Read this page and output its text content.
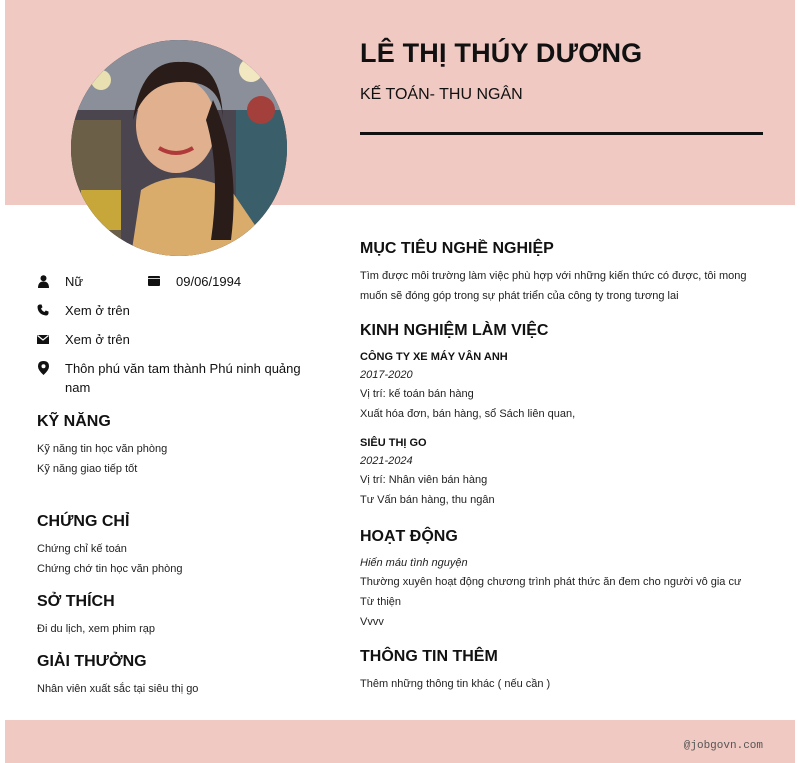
LÊ THỊ THÚY DƯƠNG
KẾ TOÁN- THU NGÂN
Nữ	09/06/1994
Xem ở trên
Xem ở trên
Thôn phú văn tam thành Phú ninh quảng nam
KỸ NĂNG
Kỹ năng tin học văn phòng
Kỹ năng giao tiếp tốt
CHỨNG CHỈ
Chứng chỉ kế toán
Chứng chớ tin học văn phòng
SỞ THÍCH
Đi du lịch, xem phim rạp
GIẢI THƯỞNG
Nhân viên xuất sắc tại siêu thị go
MỤC TIÊU NGHỀ NGHIỆP
Tìm được môi trường làm việc phù hợp với những kiến thức có được, tôi mong muốn sẽ đóng góp trong sự phát triển của công ty trong tương lai
KINH NGHIỆM LÀM VIỆC
CÔNG TY XE MÁY VÂN ANH
2017-2020
Vị trí: kế toán bán hàng
Xuất hóa đơn, bán hàng, sổ Sách liên quan,
SIÊU THỊ GO
2021-2024
Vị trí: Nhân viên bán hàng
Tư Vấn bán hàng, thu ngân
HOẠT ĐỘNG
Hiến máu tình nguyện
Thường xuyên hoạt động chương trình phát thức ăn đem cho người vô gia cư
Từ thiện
Vvvv
THÔNG TIN THÊM
Thêm những thông tin khác ( nếu cần )
@jobgovn.com
